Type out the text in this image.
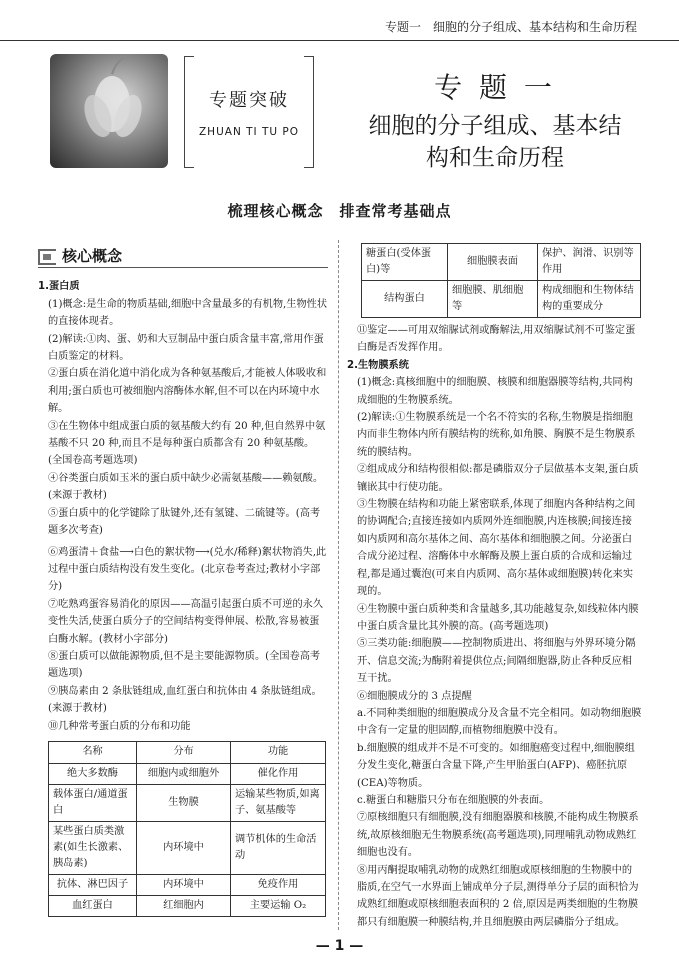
专题一　细胞的分子组成、基本结构和生命历程
专题突破
ZHUAN TI TU PO
专 题 一
细胞的分子组成、基本结
构和生命历程
梳理核心概念　排查常考基础点
核心概念
1.蛋白质

(1)概念:是生命的物质基础,细胞中含量最多的有机物,生物性状的直接体现者。

(2)解读:①肉、蛋、奶和大豆制品中蛋白质含量丰富,常用作蛋白质鉴定的材料。

②蛋白质在消化道中消化成为各种氨基酸后,才能被人体吸收和利用;蛋白质也可被细胞内溶酶体水解,但不可以在内环境中水解。

③在生物体中组成蛋白质的氨基酸大约有 20 种,但自然界中氨基酸不只 20 种,而且不是每种蛋白质都含有 20 种氨基酸。(全国卷高考题选项)

④谷类蛋白质如玉米的蛋白质中缺少必需氨基酸——赖氨酸。(来源于教材)

⑤蛋白质中的化学键除了肽键外,还有氢键、二硫键等。(高考题多次考查)

⑥鸡蛋清＋食盐⟶白色的絮状物⟶(兑水/稀释)絮状物消失,此过程中蛋白质结构没有发生变化。(北京卷考查过;教材小字部分)

⑦吃熟鸡蛋容易消化的原因——高温引起蛋白质不可逆的永久变性失活,使蛋白质分子的空间结构变得伸展、松散,容易被蛋白酶水解。(教材小字部分)

⑧蛋白质可以做能源物质,但不是主要能源物质。(全国卷高考题选项)

⑨胰岛素由 2 条肽链组成,血红蛋白和抗体由 4 条肽链组成。(来源于教材)

⑩几种常考蛋白质的分布和功能

名称	分布	功能
绝大多数酶	细胞内或细胞外	催化作用
载体蛋白/通道蛋白	生物膜	运输某些物质,如离子、氨基酸等
某些蛋白质类激素(如生长激素、胰岛素)	内环境中	调节机体的生命活动
抗体、淋巴因子	内环境中	免疫作用
血红蛋白	红细胞内	主要运输 O₂
糖蛋白(受体蛋白)等	细胞膜表面	保护、润滑、识别等作用
结构蛋白	细胞膜、肌细胞等	构成细胞和生物体结构的重要成分

⑪鉴定——可用双缩脲试剂或酶解法,用双缩脲试剂不可鉴定蛋白酶是否发挥作用。

2.生物膜系统

(1)概念:真核细胞中的细胞膜、核膜和细胞器膜等结构,共同构成细胞的生物膜系统。

(2)解读:①生物膜系统是一个名不符实的名称,生物膜是指细胞内而非生物体内所有膜结构的统称,如角膜、胸膜不是生物膜系统的膜结构。

②组成成分和结构很相似:都是磷脂双分子层做基本支架,蛋白质镶嵌其中行使功能。

③生物膜在结构和功能上紧密联系,体现了细胞内各种结构之间的协调配合;直接连接如内质网外连细胞膜,内连核膜;间接连接如内质网和高尔基体之间、高尔基体和细胞膜之间。分泌蛋白合成分泌过程、溶酶体中水解酶及膜上蛋白质的合成和运输过程,都是通过囊泡(可来自内质网、高尔基体或细胞膜)转化来实现的。

④生物膜中蛋白质种类和含量越多,其功能越复杂,如线粒体内膜中蛋白质含量比其外膜的高。(高考题选项)

⑤三类功能:细胞膜——控制物质进出、将细胞与外界环境分隔开、信息交流;为酶附着提供位点;间隔细胞器,防止各种反应相互干扰。

⑥细胞膜成分的 3 点提醒

a.不同种类细胞的细胞膜成分及含量不完全相同。如动物细胞膜中含有一定量的胆固醇,而植物细胞膜中没有。

b.细胞膜的组成并不是不可变的。如细胞癌变过程中,细胞膜组分发生变化,糖蛋白含量下降,产生甲胎蛋白(AFP)、癌胚抗原(CEA)等物质。

c.糖蛋白和糖脂只分布在细胞膜的外表面。

⑦原核细胞只有细胞膜,没有细胞器膜和核膜,不能构成生物膜系统,故原核细胞无生物膜系统(高考题选项),同理哺乳动物成熟红细胞也没有。

⑧用丙酮提取哺乳动物的成熟红细胞或原核细胞的生物膜中的脂质,在空气一水界面上铺成单分子层,测得单分子层的面积恰为成熟红细胞或原核细胞表面积的 2 倍,原因是两类细胞的生物膜都只有细胞膜一种膜结构,并且细胞膜由两层磷脂分子组成。

— 1 —
